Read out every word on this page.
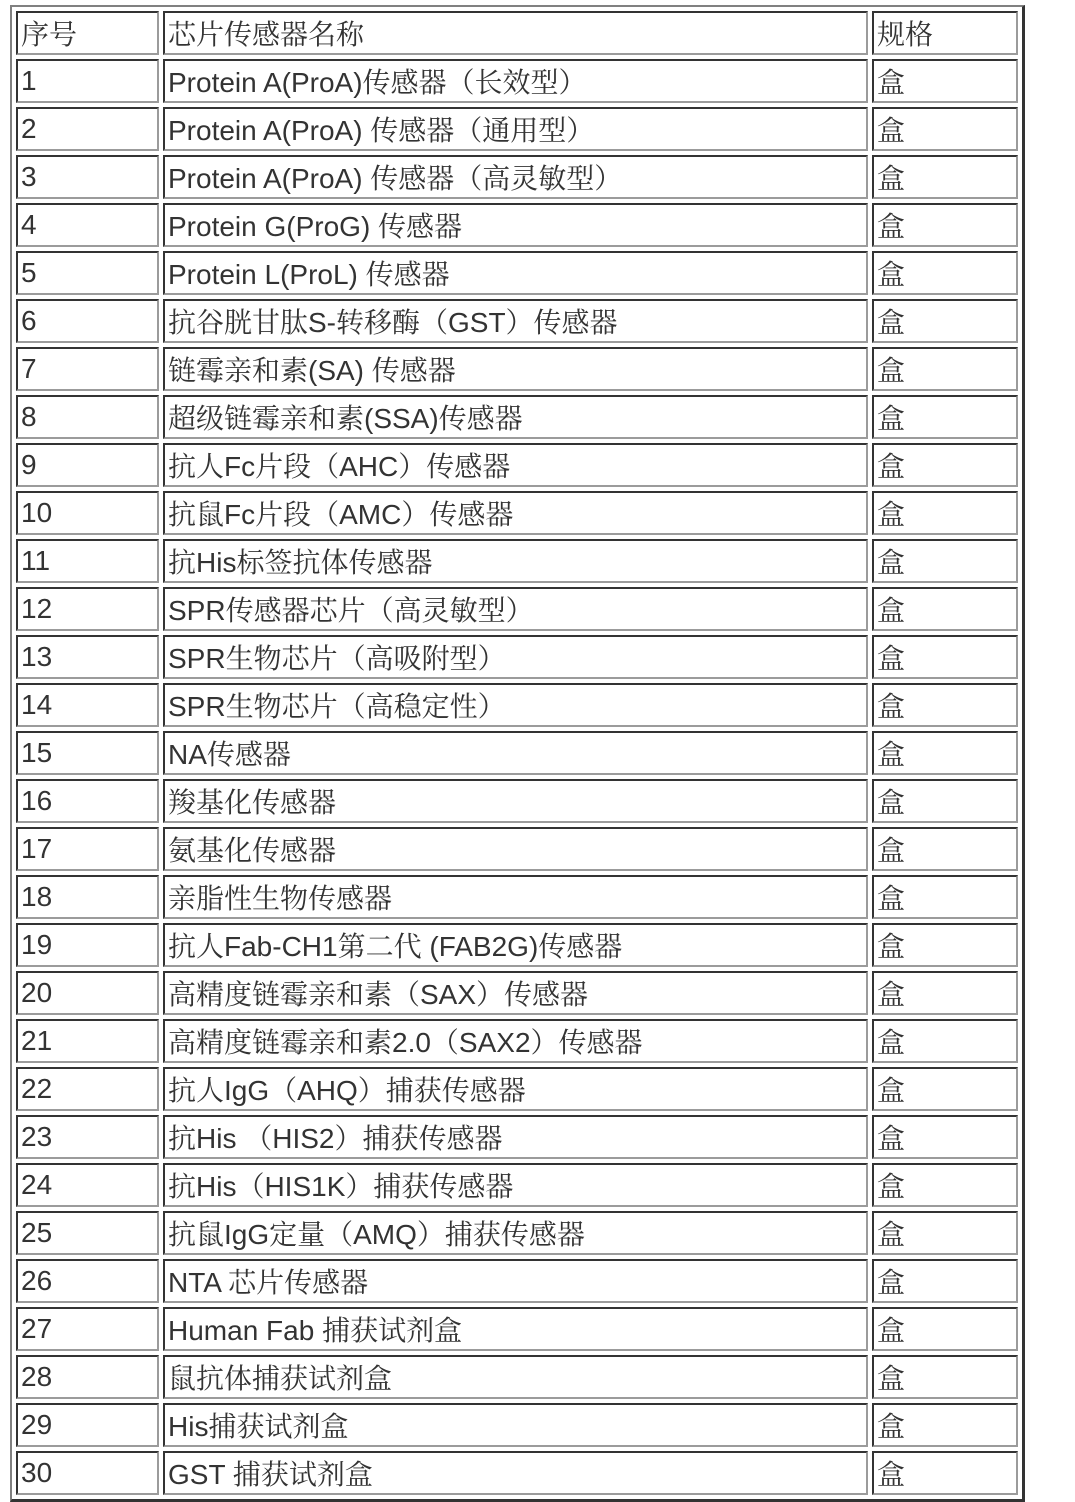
序号	芯片传感器名称	规格
1	Protein A(ProA)传感器（长效型）	盒
2	Protein A(ProA) 传感器（通用型）	盒
3	Protein A(ProA) 传感器（高灵敏型）	盒
4	Protein G(ProG) 传感器	盒
5	Protein L(ProL) 传感器	盒
6	抗谷胱甘肽S-转移酶（GST）传感器	盒
7	链霉亲和素(SA) 传感器	盒
8	超级链霉亲和素(SSA)传感器	盒
9	抗人Fc片段（AHC）传感器	盒
10	抗鼠Fc片段（AMC）传感器	盒
11	抗His标签抗体传感器	盒
12	SPR传感器芯片（高灵敏型）	盒
13	SPR生物芯片（高吸附型）	盒
14	SPR生物芯片（高稳定性）	盒
15	NA传感器	盒
16	羧基化传感器	盒
17	氨基化传感器	盒
18	亲脂性生物传感器	盒
19	抗人Fab-CH1第二代 (FAB2G)传感器	盒
20	高精度链霉亲和素（SAX）传感器	盒
21	高精度链霉亲和素2.0（SAX2）传感器	盒
22	抗人IgG（AHQ）捕获传感器	盒
23	抗His （HIS2）捕获传感器	盒
24	抗His（HIS1K）捕获传感器	盒
25	抗鼠IgG定量（AMQ）捕获传感器	盒
26	NTA 芯片传感器	盒
27	Human Fab 捕获试剂盒	盒
28	鼠抗体捕获试剂盒	盒
29	His捕获试剂盒	盒
30	GST 捕获试剂盒	盒
